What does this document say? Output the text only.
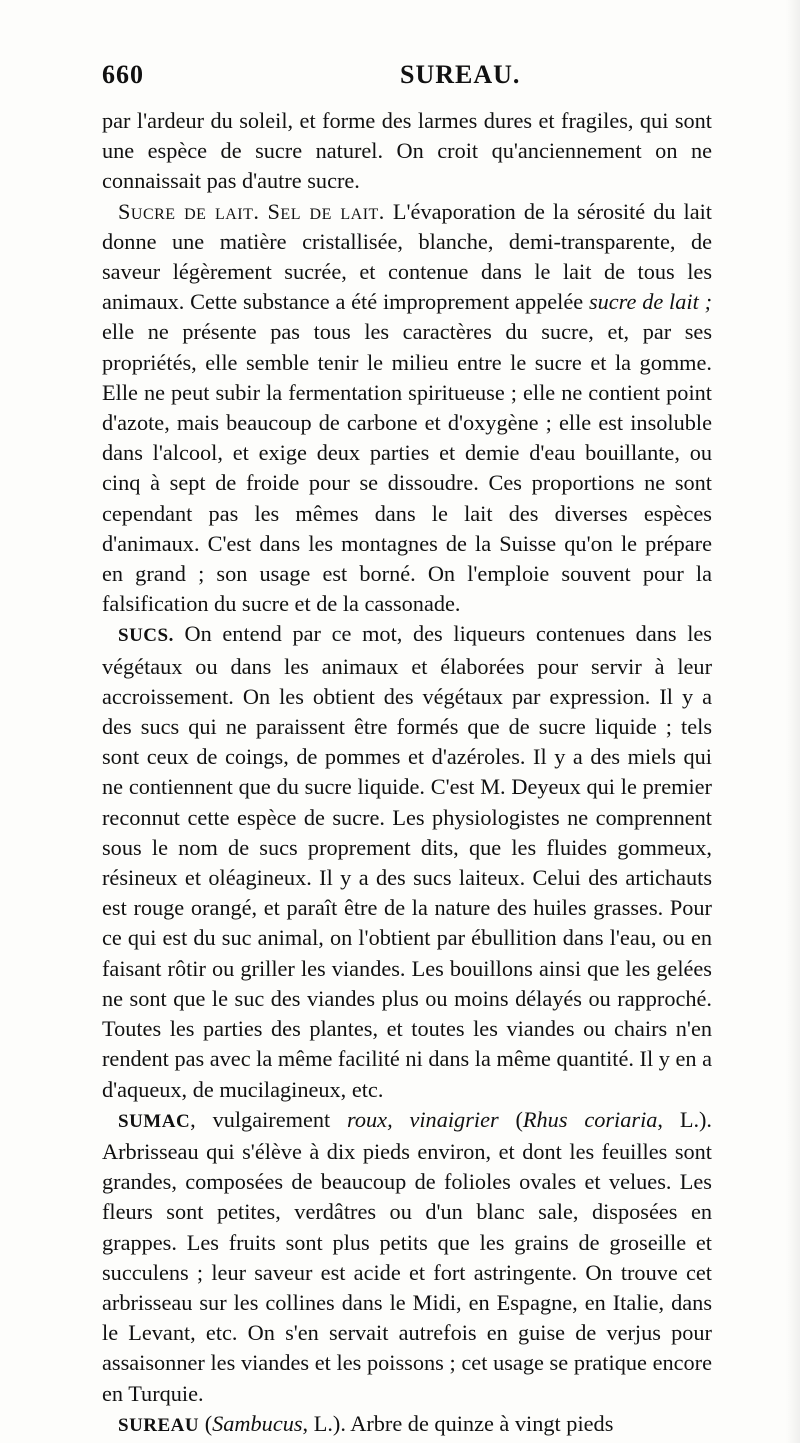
660	SUREAU.

par l'ardeur du soleil, et forme des larmes dures et fragiles, qui sont une espèce de sucre naturel. On croit qu'anciennement on ne connaissait pas d'autre sucre.

Sucre de lait. Sel de lait. L'évaporation de la sérosité du lait donne une matière cristallisée, blanche, demi-transparente, de saveur légèrement sucrée, et contenue dans le lait de tous les animaux. Cette substance a été improprement appelée sucre de lait ; elle ne présente pas tous les caractères du sucre, et, par ses propriétés, elle semble tenir le milieu entre le sucre et la gomme. Elle ne peut subir la fermentation spiritueuse ; elle ne contient point d'azote, mais beaucoup de carbone et d'oxygène ; elle est insoluble dans l'alcool, et exige deux parties et demie d'eau bouillante, ou cinq à sept de froide pour se dissoudre. Ces proportions ne sont cependant pas les mêmes dans le lait des diverses espèces d'animaux. C'est dans les montagnes de la Suisse qu'on le prépare en grand ; son usage est borné. On l'emploie souvent pour la falsification du sucre et de la cassonade.

SUCS. On entend par ce mot, des liqueurs contenues dans les végétaux ou dans les animaux et élaborées pour servir à leur accroissement. On les obtient des végétaux par expression. Il y a des sucs qui ne paraissent être formés que de sucre liquide ; tels sont ceux de coings, de pommes et d'azéroles. Il y a des miels qui ne contiennent que du sucre liquide. C'est M. Deyeux qui le premier reconnut cette espèce de sucre. Les physiologistes ne comprennent sous le nom de sucs proprement dits, que les fluides gommeux, résineux et oléagineux. Il y a des sucs laiteux. Celui des artichauts est rouge orangé, et paraît être de la nature des huiles grasses. Pour ce qui est du suc animal, on l'obtient par ébullition dans l'eau, ou en faisant rôtir ou griller les viandes. Les bouillons ainsi que les gelées ne sont que le suc des viandes plus ou moins délayés ou rapproché. Toutes les parties des plantes, et toutes les viandes ou chairs n'en rendent pas avec la même facilité ni dans la même quantité. Il y en a d'aqueux, de mucilagineux, etc.

SUMAC, vulgairement roux, vinaigrier (Rhus coriaria, L.). Arbrisseau qui s'élève à dix pieds environ, et dont les feuilles sont grandes, composées de beaucoup de folioles ovales et velues. Les fleurs sont petites, verdâtres ou d'un blanc sale, disposées en grappes. Les fruits sont plus petits que les grains de groseille et succulens ; leur saveur est acide et fort astringente. On trouve cet arbrisseau sur les collines dans le Midi, en Espagne, en Italie, dans le Levant, etc. On s'en servait autrefois en guise de verjus pour assaisonner les viandes et les poissons ; cet usage se pratique encore en Turquie.

SUREAU (Sambucus, L.). Arbre de quinze à vingt pieds
